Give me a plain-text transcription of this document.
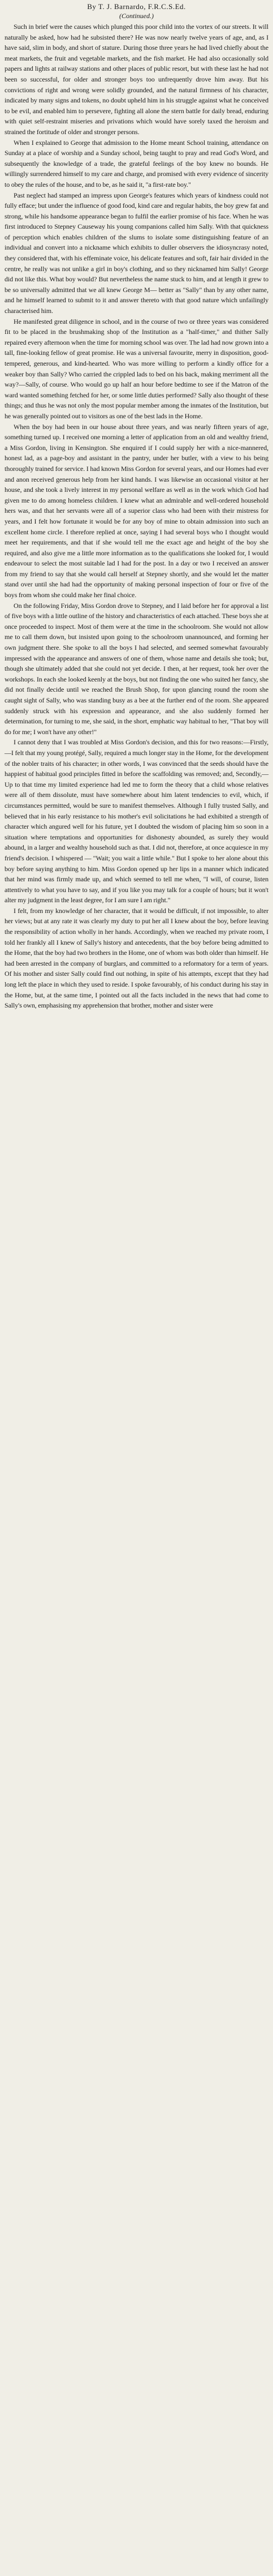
By T. J. Barnardo, F.R.C.S.Ed.
(Continued.)

Such in brief were the causes which plunged this poor child into the vortex of our streets. It will naturally be asked, how had he subsisted there? He was now nearly twelve years of age, and, as I have said, slim in body, and short of stature. During those three years he had lived chiefly about the meat markets, the fruit and vegetable markets, and the fish market. He had also occasionally sold papers and lights at railway stations and other places of public resort, but with these last he had not been so successful, for older and stronger boys too unfrequently drove him away. But his convictions of right and wrong were solidly grounded, and the natural firmness of his character, indicated by many signs and tokens, no doubt upheld him in his struggle against what he conceived to be evil, and enabled him to persevere, fighting all alone the stern battle for daily bread, enduring with quiet self-restraint miseries and privations which would have sorely taxed the heroism and strained the fortitude of older and stronger persons.

When I explained to George that admission to the Home meant School training, attendance on Sunday at a place of worship and a Sunday school, being taught to pray and read God's Word, and subsequently the knowledge of a trade, the grateful feelings of the boy knew no bounds. He willingly surrendered himself to my care and charge, and promised with every evidence of sincerity to obey the rules of the house, and to be, as he said it, "a first-rate boy."

Past neglect had stamped an impress upon George's features which years of kindness could not fully efface; but under the influence of good food, kind care and regular habits, the boy grew fat and strong, while his handsome appearance began to fulfil the earlier promise of his face. When he was first introduced to Stepney Causeway his young companions called him Sally. With that quickness of perception which enables children of the slums to isolate some distinguishing feature of an individual and convert into a nickname which exhibits to duller observers the idiosyncrasy noted, they considered that, with his effeminate voice, his delicate features and soft, fair hair divided in the centre, he really was not unlike a girl in boy's clothing, and so they nicknamed him Sally! George did not like this. What boy would? But nevertheless the name stuck to him, and at length it grew to be so universally admitted that we all knew George M— better as "Sally" than by any other name, and he himself learned to submit to it and answer thereto with that good nature which unfailingly characterised him.

He manifested great diligence in school, and in the course of two or three years was considered fit to be placed in the brushmaking shop of the Institution as a "half-timer," and thither Sally repaired every afternoon when the time for morning school was over. The lad had now grown into a tall, fine-looking fellow of great promise. He was a universal favourite, merry in disposition, good-tempered, generous, and kind-hearted. Who was more willing to perform a kindly office for a weaker boy than Sally? Who carried the crippled lads to bed on his back, making merriment all the way?—Sally, of course. Who would go up half an hour before bedtime to see if the Matron of the ward wanted something fetched for her, or some little duties performed? Sally also thought of these things; and thus he was not only the most popular member among the inmates of the Institution, but he was generally pointed out to visitors as one of the best lads in the Home.

When the boy had been in our house about three years, and was nearly fifteen years of age, something turned up. I received one morning a letter of application from an old and wealthy friend, a Miss Gordon, living in Kensington. She enquired if I could supply her with a nice-mannered, honest lad, as a page-boy and assistant in the pantry, under her butler, with a view to his being thoroughly trained for service. I had known Miss Gordon for several years, and our Homes had ever and anon received generous help from her kind hands. I was likewise an occasional visitor at her house, and she took a lively interest in my personal welfare as well as in the work which God had given me to do among homeless children. I knew what an admirable and well-ordered household hers was, and that her servants were all of a superior class who had been with their mistress for years, and I felt how fortunate it would be for any boy of mine to obtain admission into such an excellent home circle. I therefore replied at once, saying I had several boys who I thought would meet her requirements, and that if she would tell me the exact age and height of the boy she required, and also give me a little more information as to the qualifications she looked for, I would endeavour to select the most suitable lad I had for the post. In a day or two I received an answer from my friend to say that she would call herself at Stepney shortly, and she would let the matter stand over until she had had the opportunity of making personal inspection of four or five of the boys from whom she could make her final choice.

On the following Friday, Miss Gordon drove to Stepney, and I laid before her for approval a list of five boys with a little outline of the history and characteristics of each attached. These boys she at once proceeded to inspect. Most of them were at the time in the schoolroom. She would not allow me to call them down, but insisted upon going to the schoolroom unannounced, and forming her own judgment there. She spoke to all the boys I had selected, and seemed somewhat favourably impressed with the appearance and answers of one of them, whose name and details she took; but, though she ultimately added that she could not yet decide. I then, at her request, took her over the workshops. In each she looked keenly at the boys, but not finding the one who suited her fancy, she did not finally decide until we reached the Brush Shop, for upon glancing round the room she caught sight of Sally, who was standing busy as a bee at the further end of the room. She appeared suddenly struck with his expression and appearance, and she also suddenly formed her determination, for turning to me, she said, in the short, emphatic way habitual to her, "That boy will do for me; I won't have any other!"

I cannot deny that I was troubled at Miss Gordon's decision, and this for two reasons:—Firstly,—I felt that my young protégé, Sally, required a much longer stay in the Home, for the development of the nobler traits of his character; in other words, I was convinced that the seeds should have the happiest of habitual good principles fitted in before the scaffolding was removed; and, Secondly,—Up to that time my limited experience had led me to form the theory that a child whose relatives were all of them dissolute, must have somewhere about him latent tendencies to evil, which, if circumstances permitted, would be sure to manifest themselves. Although I fully trusted Sally, and believed that in his early resistance to his mother's evil solicitations he had exhibited a strength of character which angured well for his future, yet I doubted the wisdom of placing him so soon in a situation where temptations and opportunities for dishonesty abounded, as surely they would abound, in a larger and wealthy household such as that. I did not, therefore, at once acquiesce in my friend's decision. I whispered — "Wait; you wait a little while." But I spoke to her alone about this boy before saying anything to him. Miss Gordon opened up her lips in a manner which indicated that her mind was firmly made up, and which seemed to tell me when, "I will, of course, listen attentively to what you have to say, and if you like you may talk for a couple of hours; but it won't alter my judgment in the least degree, for I am sure I am right."

I felt, from my knowledge of her character, that it would be difficult, if not impossible, to alter her views; but at any rate it was clearly my duty to put her all I knew about the boy, before leaving the responsibility of action wholly in her hands. Accordingly, when we reached my private room, I told her frankly all I knew of Sally's history and antecedents, that the boy before being admitted to the Home, that the boy had two brothers in the Home, one of whom was both older than himself. He had been arrested in the company of burglars, and committed to a reformatory for a term of years. Of his mother and sister Sally could find out nothing, in spite of his attempts, except that they had long left the place in which they used to reside. I spoke favourably, of his conduct during his stay in the Home, but, at the same time, I pointed out all the facts included in the news that had come to Sally's own, emphasising my apprehension that brother, mother and sister were
